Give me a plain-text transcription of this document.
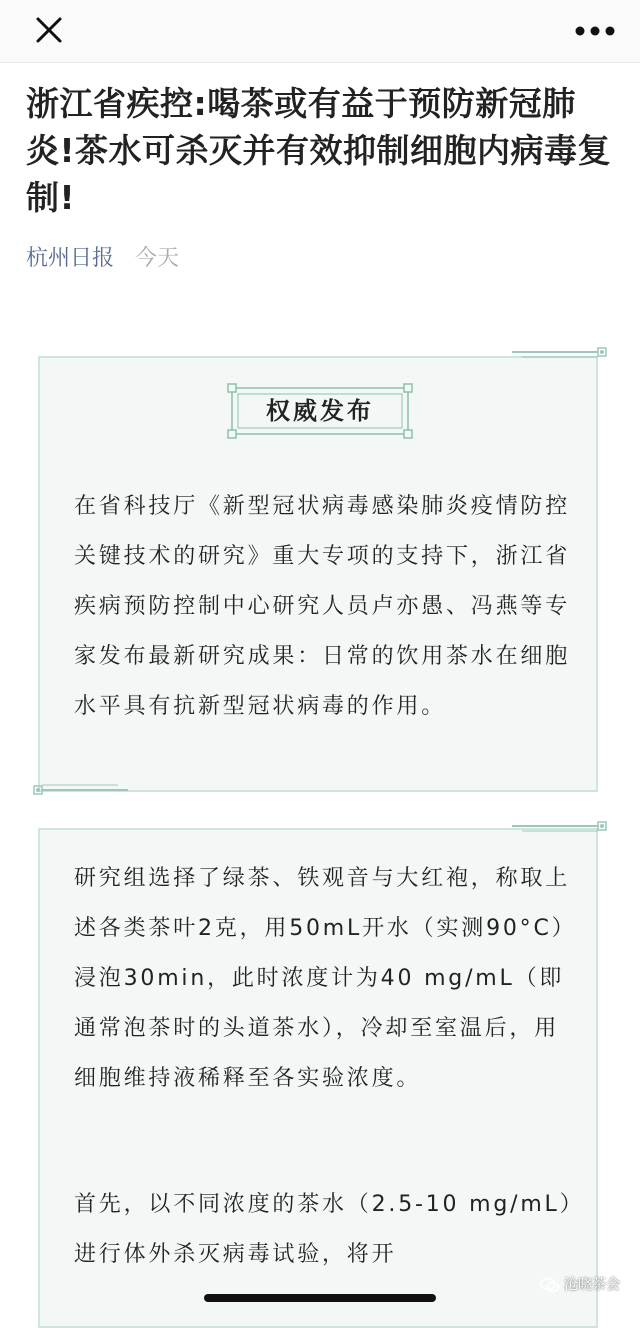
浙江省疾控:喝茶或有益于预防新冠肺炎!茶水可杀灭并有效抑制细胞内病毒复制!
杭州日报 今天
权威发布

在省科技厅《新型冠状病毒感染肺炎疫情防控关键技术的研究》重大专项的支持下，浙江省疾病预防控制中心研究人员卢亦愚、冯燕等专家发布最新研究成果：日常的饮用茶水在细胞水平具有抗新型冠状病毒的作用。

研究组选择了绿茶、铁观音与大红袍，称取上述各类茶叶2克，用50mL开水（实测90°C）浸泡30min，此时浓度计为40 mg/mL（即通常泡茶时的头道茶水），冷却至室温后，用细胞维持液稀释至各实验浓度。

首先，以不同浓度的茶水（2.5-10 mg/mL）进行体外杀灭病毒试验，将开

沧晓茶会
